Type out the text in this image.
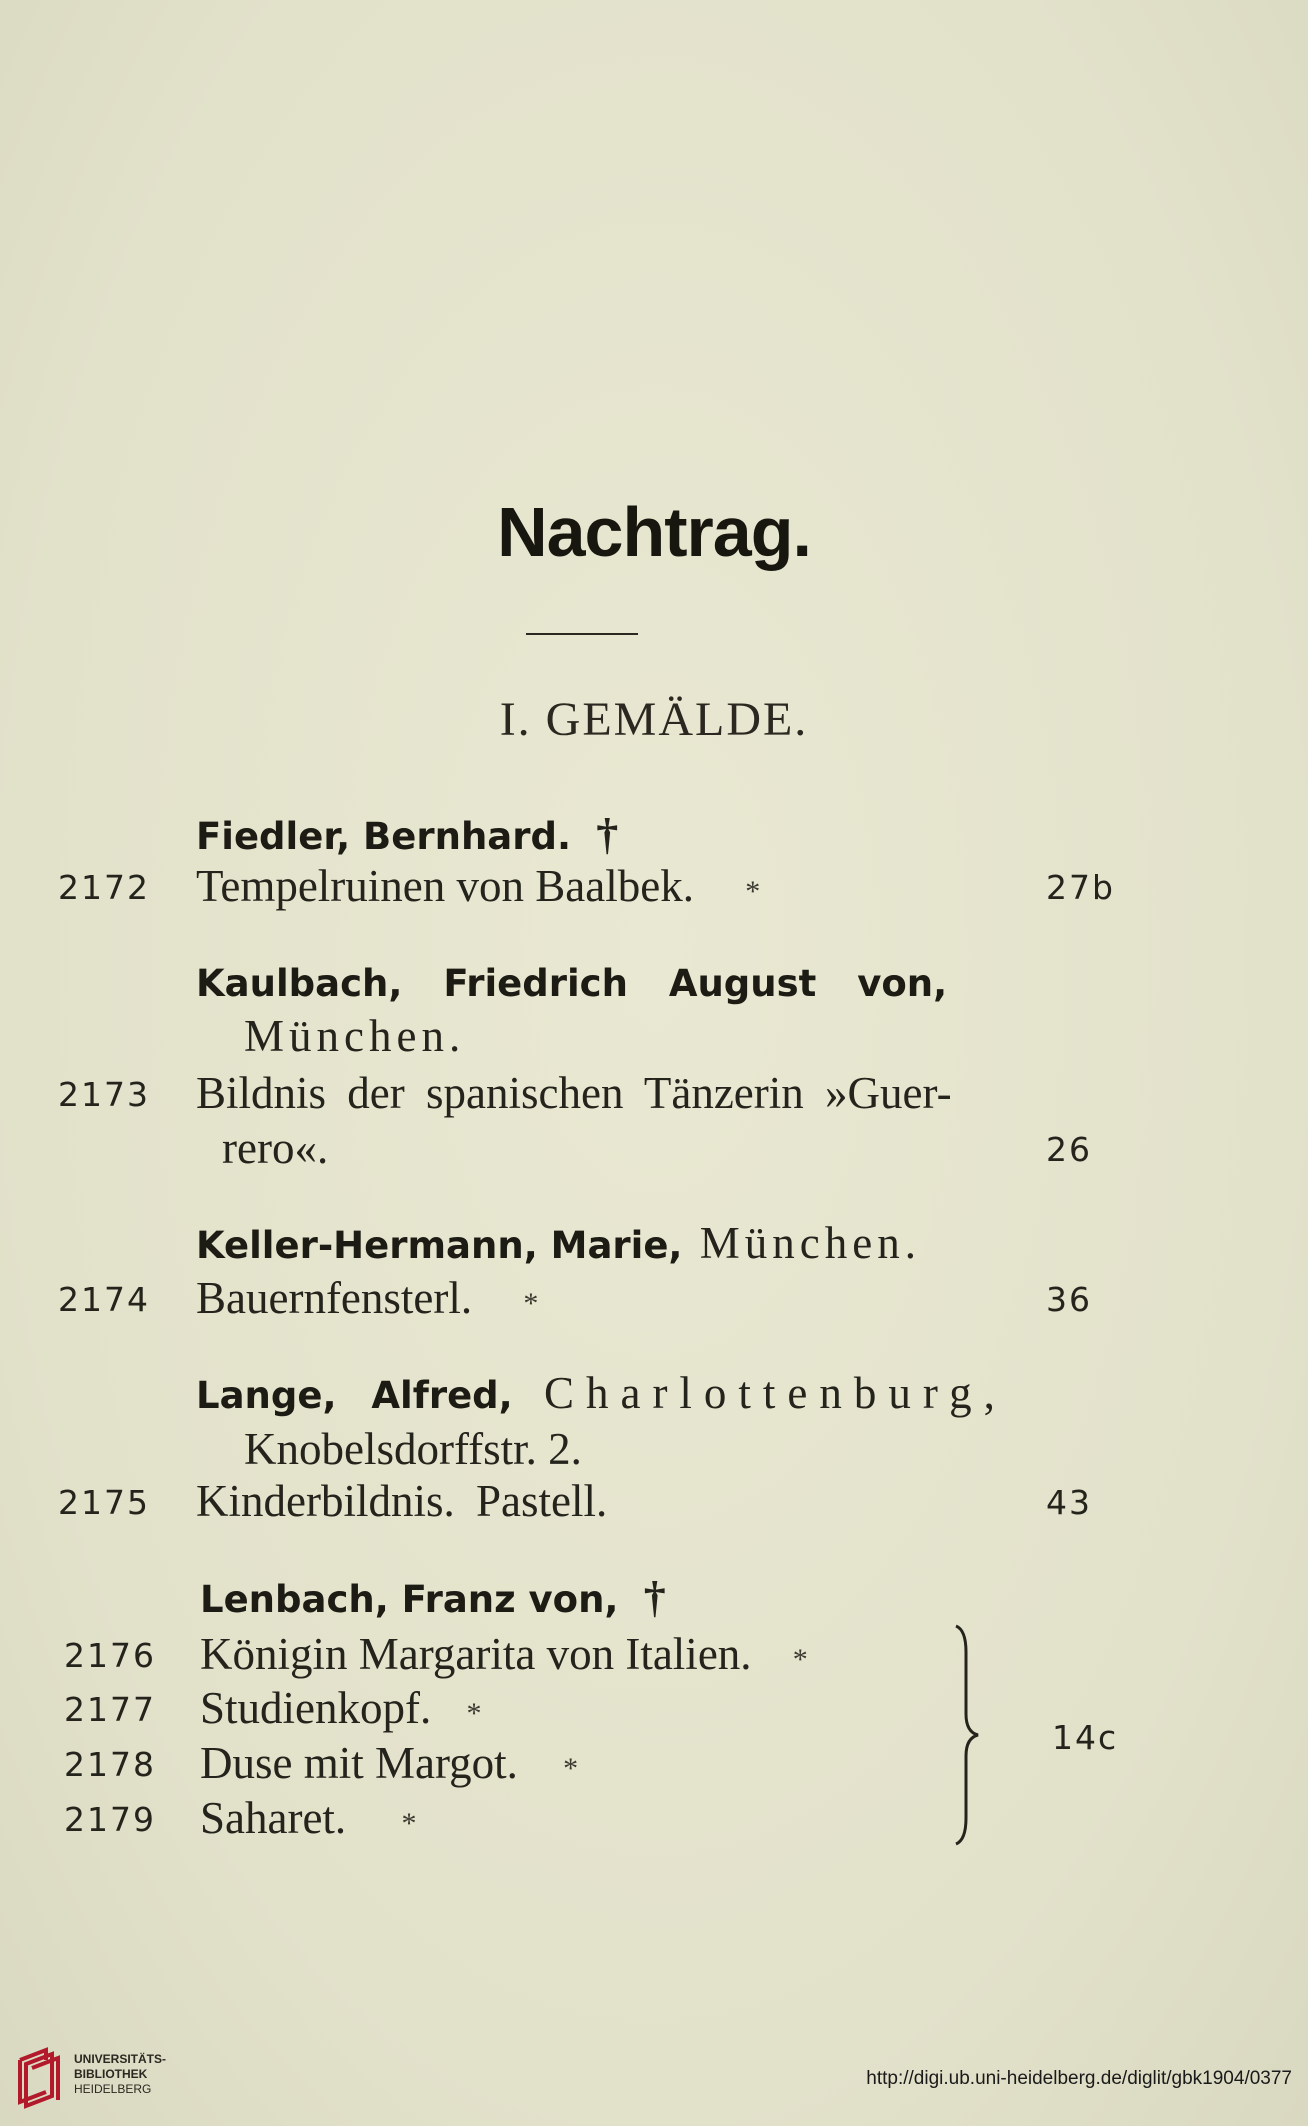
Nachtrag.
I. GEMÄLDE.
Fiedler, Bernhard. †
2172 Tempelruinen von Baalbek. *	27b
Kaulbach, Friedrich August von,
München.
2173 Bildnis der spanischen Tänzerin »Guer-
rero«.	26
Keller-Hermann, Marie, München.
2174 Bauernfensterl. *	36
Lange, Alfred, Charlottenburg,
Knobelsdorffstr. 2.
2175 Kinderbildnis. Pastell.	43
Lenbach, Franz von, †
2176 Königin Margarita von Italien. *
2177 Studienkopf. *
2178 Duse mit Margot. *
2179 Saharet. *
14c
UNIVERSITÄTS-
BIBLIOTHEK
HEIDELBERG	http://digi.ub.uni-heidelberg.de/diglit/gbk1904/0377
